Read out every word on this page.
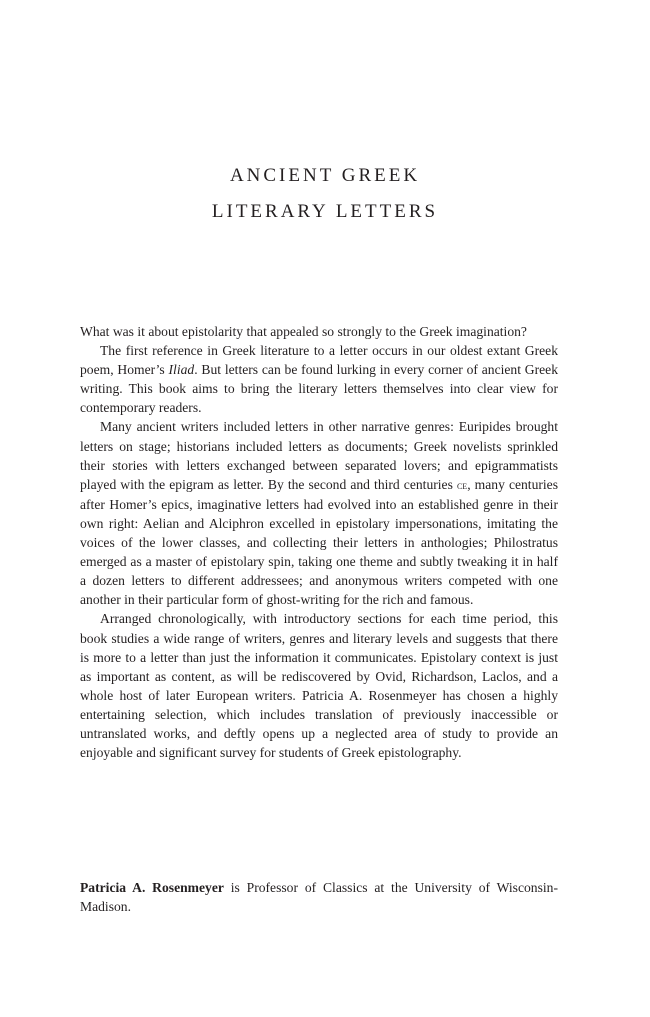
ANCIENT GREEK
LITERARY LETTERS

What was it about epistolarity that appealed so strongly to the Greek imagination?

The first reference in Greek literature to a letter occurs in our oldest extant Greek poem, Homer’s Iliad. But letters can be found lurking in every corner of ancient Greek writing. This book aims to bring the literary letters themselves into clear view for contemporary readers.

Many ancient writers included letters in other narrative genres: Euripides brought letters on stage; historians included letters as documents; Greek novelists sprinkled their stories with letters exchanged between separated lovers; and epigrammatists played with the epigram as letter. By the second and third centuries ce, many centuries after Homer’s epics, imaginative letters had evolved into an established genre in their own right: Aelian and Alciphron excelled in epistolary impersonations, imitating the voices of the lower classes, and collecting their letters in anthologies; Philostratus emerged as a master of epistolary spin, taking one theme and subtly tweaking it in half a dozen letters to different addressees; and anonymous writers competed with one another in their particular form of ghost-writing for the rich and famous.

Arranged chronologically, with introductory sections for each time period, this book studies a wide range of writers, genres and literary levels and suggests that there is more to a letter than just the information it communicates. Epistolary context is just as important as content, as will be rediscovered by Ovid, Richardson, Laclos, and a whole host of later European writers. Patricia A. Rosenmeyer has chosen a highly entertaining selection, which includes translation of previously inaccessible or untranslated works, and deftly opens up a neglected area of study to provide an enjoyable and significant survey for students of Greek epistolography.

Patricia A. Rosenmeyer is Professor of Classics at the University of Wisconsin-Madison.
